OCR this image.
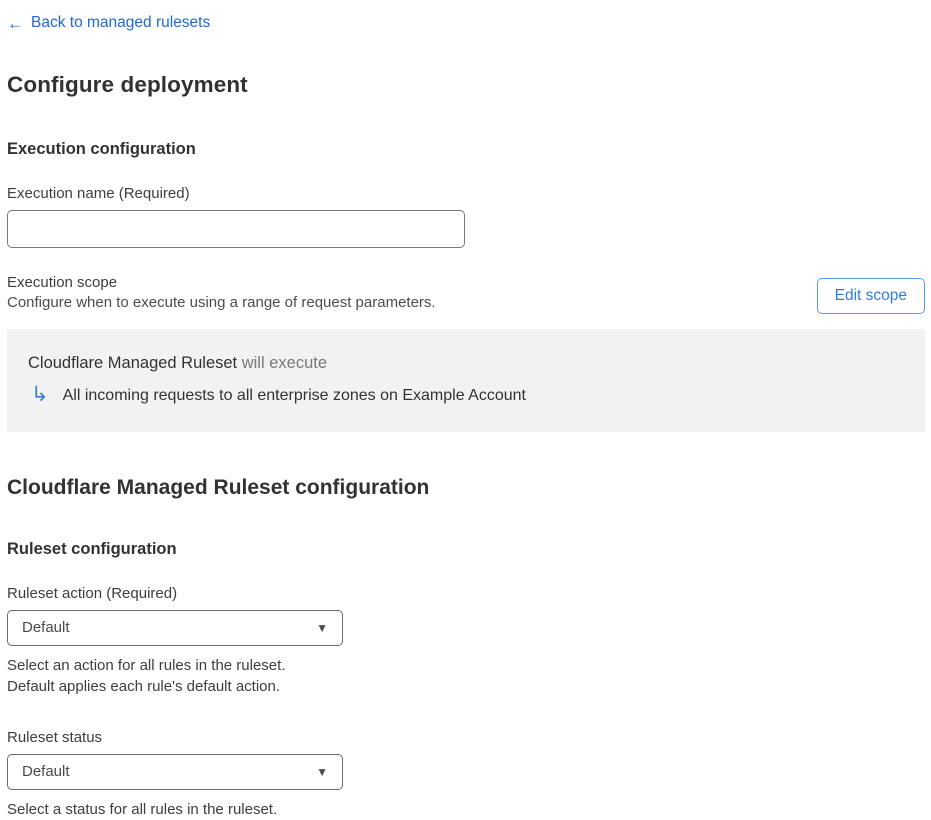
← Back to managed rulesets
Configure deployment
Execution configuration
Execution name (Required)
Execution scope
Configure when to execute using a range of request parameters.	Edit scope
Cloudflare Managed Ruleset will execute
↳ All incoming requests to all enterprise zones on Example Account
Cloudflare Managed Ruleset configuration
Ruleset configuration
Ruleset action (Required)
Default	▼
Select an action for all rules in the ruleset.
Default applies each rule's default action.
Ruleset status
Default	▼
Select a status for all rules in the ruleset.
